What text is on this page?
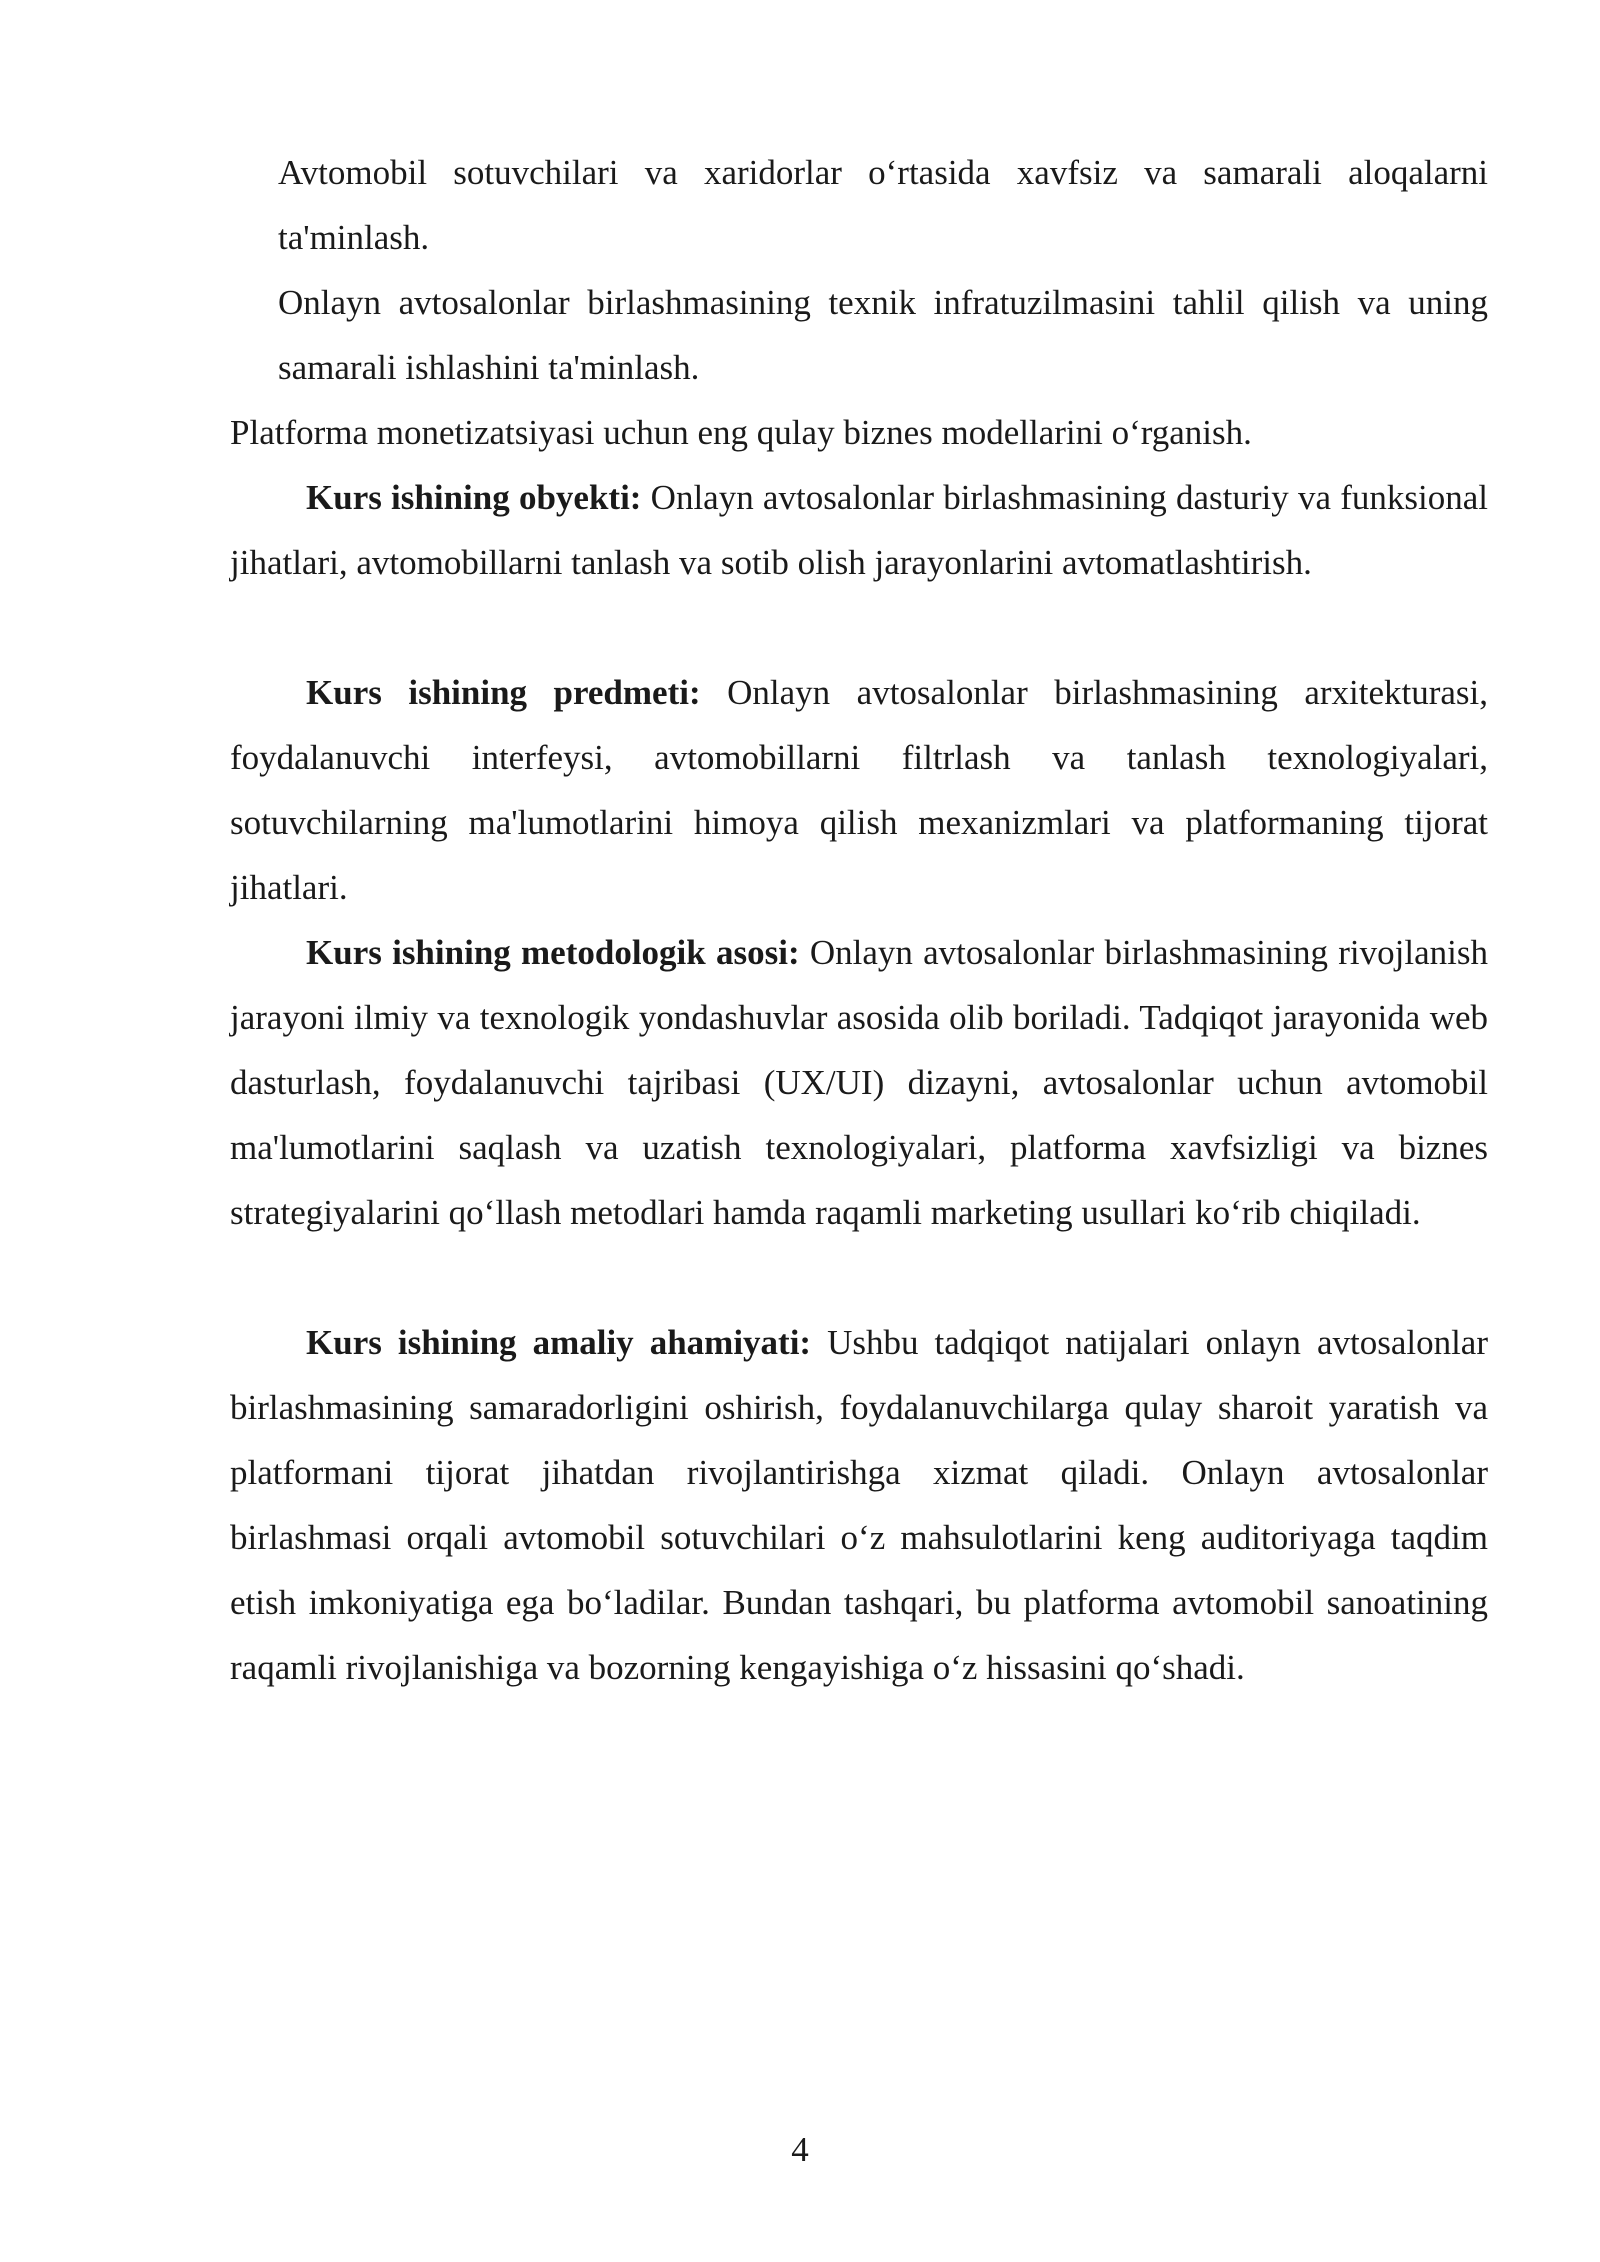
Avtomobil sotuvchilari va xaridorlar o‘rtasida xavfsiz va samarali aloqalarni ta'minlash.

Onlayn avtosalonlar birlashmasining texnik infratuzilmasini tahlil qilish va uning samarali ishlashini ta'minlash.

Platforma monetizatsiyasi uchun eng qulay biznes modellarini o‘rganish.

Kurs ishining obyekti: Onlayn avtosalonlar birlashmasining dasturiy va funksional jihatlari, avtomobillarni tanlash va sotib olish jarayonlarini avtomatlashtirish.

Kurs ishining predmeti: Onlayn avtosalonlar birlashmasining arxitekturasi, foydalanuvchi interfeysi, avtomobillarni filtrlash va tanlash texnologiyalari, sotuvchilarning ma'lumotlarini himoya qilish mexanizmlari va platformaning tijorat jihatlari.

Kurs ishining metodologik asosi: Onlayn avtosalonlar birlashmasining rivojlanish jarayoni ilmiy va texnologik yondashuvlar asosida olib boriladi. Tadqiqot jarayonida web dasturlash, foydalanuvchi tajribasi (UX/UI) dizayni, avtosalonlar uchun avtomobil ma'lumotlarini saqlash va uzatish texnologiyalari, platforma xavfsizligi va biznes strategiyalarini qo‘llash metodlari hamda raqamli marketing usullari ko‘rib chiqiladi.

Kurs ishining amaliy ahamiyati: Ushbu tadqiqot natijalari onlayn avtosalonlar birlashmasining samaradorligini oshirish, foydalanuvchilarga qulay sharoit yaratish va platformani tijorat jihatdan rivojlantirishga xizmat qiladi. Onlayn avtosalonlar birlashmasi orqali avtomobil sotuvchilari o‘z mahsulotlarini keng auditoriyaga taqdim etish imkoniyatiga ega bo‘ladilar. Bundan tashqari, bu platforma avtomobil sanoatining raqamli rivojlanishiga va bozorning kengayishiga o‘z hissasini qo‘shadi.

4
